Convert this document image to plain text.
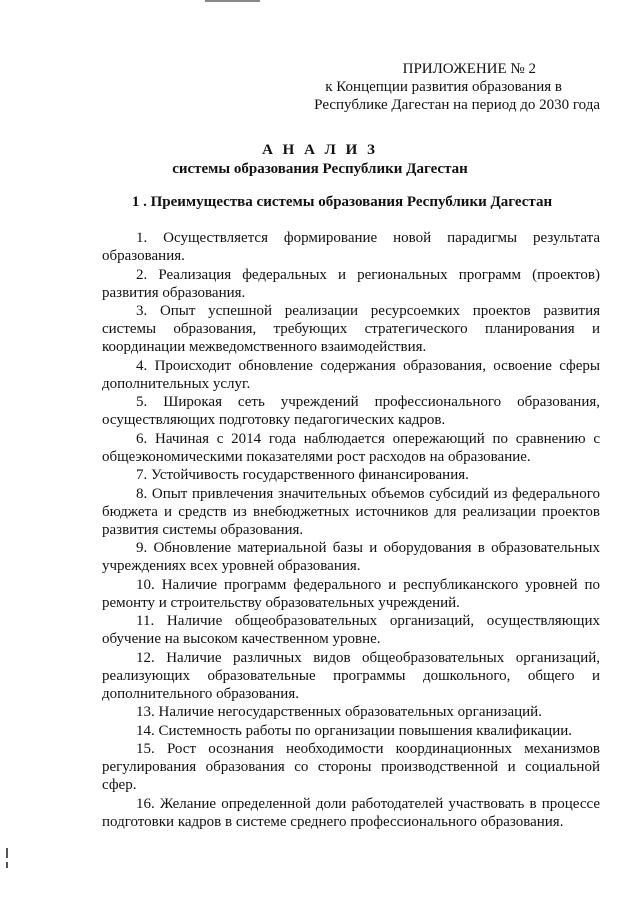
ПРИЛОЖЕНИЕ № 2
к Концепции развития образования в
Республике Дагестан на период до 2030 года
А Н А Л И З
системы образования Республики Дагестан
1 . Преимущества системы образования Республики Дагестан

1. Осуществляется формирование новой парадигмы результата образования.

2. Реализация федеральных и региональных программ (проектов) развития образования.

3. Опыт успешной реализации ресурсоемких проектов развития системы образования, требующих стратегического планирования и координации межведомственного взаимодействия.

4. Происходит обновление содержания образования, освоение сферы дополнительных услуг.

5. Широкая сеть учреждений профессионального образования, осуществляющих подготовку педагогических кадров.

6. Начиная с 2014 года наблюдается опережающий по сравнению с общеэкономическими показателями рост расходов на образование.

7. Устойчивость государственного финансирования.

8. Опыт привлечения значительных объемов субсидий из федерального бюджета и средств из внебюджетных источников для реализации проектов развития системы образования.

9. Обновление материальной базы и оборудования в образовательных учреждениях всех уровней образования.

10. Наличие программ федерального и республиканского уровней по ремонту и строительству образовательных учреждений.

11. Наличие общеобразовательных организаций, осуществляющих обучение на высоком качественном уровне.

12. Наличие различных видов общеобразовательных организаций, реализующих образовательные программы дошкольного, общего и дополнительного образования.

13. Наличие негосударственных образовательных организаций.

14. Системность работы по организации повышения квалификации.

15. Рост осознания необходимости координационных механизмов регулирования образования со стороны производственной и социальной сфер.

16. Желание определенной доли работодателей участвовать в процессе подготовки кадров в системе среднего профессионального образования.
